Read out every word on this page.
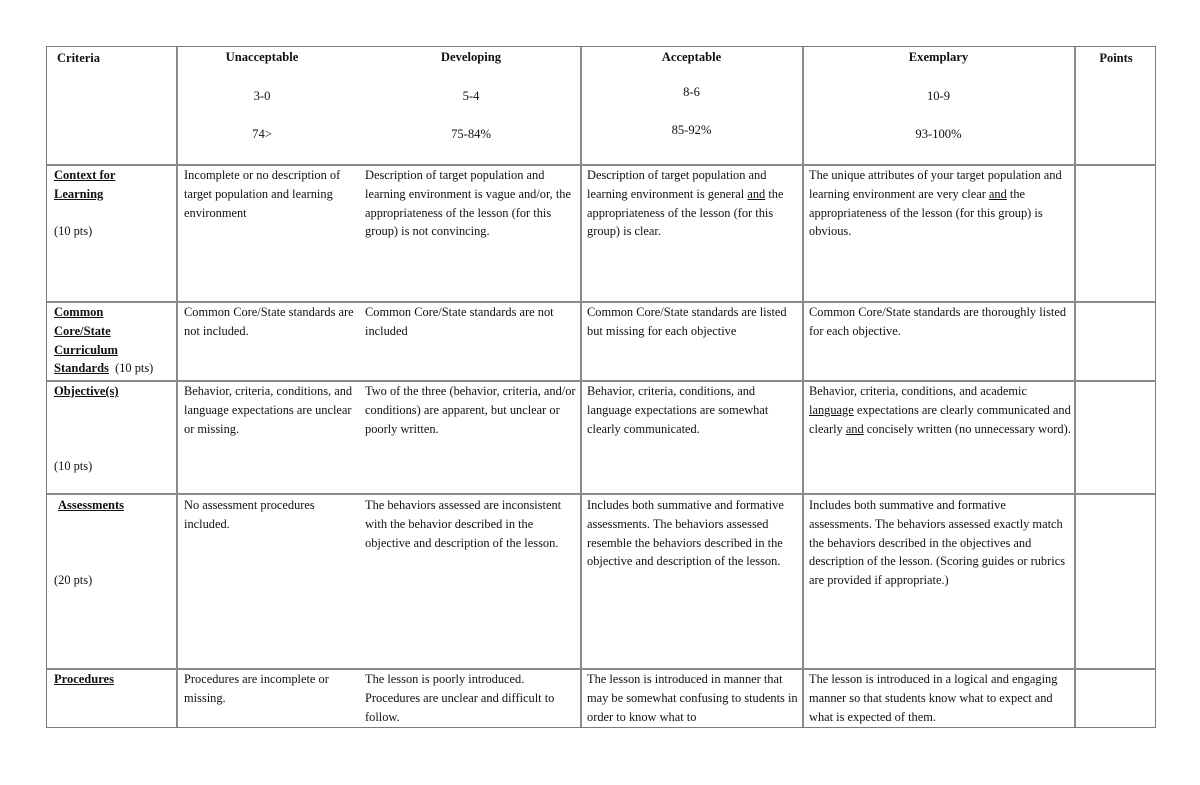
Criteria	Points
Unacceptable
3-0
74>
Developing
5-4
75-84%
Acceptable
8-6
85-92%
Exemplary
10-9
93-100%
Context for
Learning
(10 pts)
Incomplete or no description of target population and learning environment
Description of target population and learning environment is vague and/or, the appropriateness of the lesson (for this group) is not convincing.
Description of target population and learning environment is general and the appropriateness of the lesson (for this group) is clear.
The unique attributes of your target population and learning environment are very clear and the appropriateness of the lesson (for this group) is obvious.
Common
Core/State
Curriculum
Standards (10 pts)
Common Core/State standards are not included.
Common Core/State standards are not included
Common Core/State standards are listed but missing for each objective
Common Core/State standards are thoroughly listed for each objective.
Objective(s)
(10 pts)
Behavior, criteria, conditions, and language expectations are unclear or missing.
Two of the three (behavior, criteria, and/or conditions) are apparent, but unclear or poorly written.
Behavior, criteria, conditions, and language expectations are somewhat clearly communicated.
Behavior, criteria, conditions, and academic language expectations are clearly communicated and clearly and concisely written (no unnecessary word).
Assessments
(20 pts)
No assessment procedures included.
The behaviors assessed are inconsistent with the behavior described in the objective and description of the lesson.
Includes both summative and formative assessments. The behaviors assessed resemble the behaviors described in the objective and description of the lesson.
Includes both summative and formative assessments. The behaviors assessed exactly match the behaviors described in the objectives and description of the lesson. (Scoring guides or rubrics are provided if appropriate.)
Procedures	Procedures are incomplete or missing.
The lesson is poorly introduced. Procedures are unclear and difficult to follow.
The lesson is introduced in manner that may be somewhat confusing to students in order to know what to
The lesson is introduced in a logical and engaging manner so that students know what to expect and what is expected of them.
